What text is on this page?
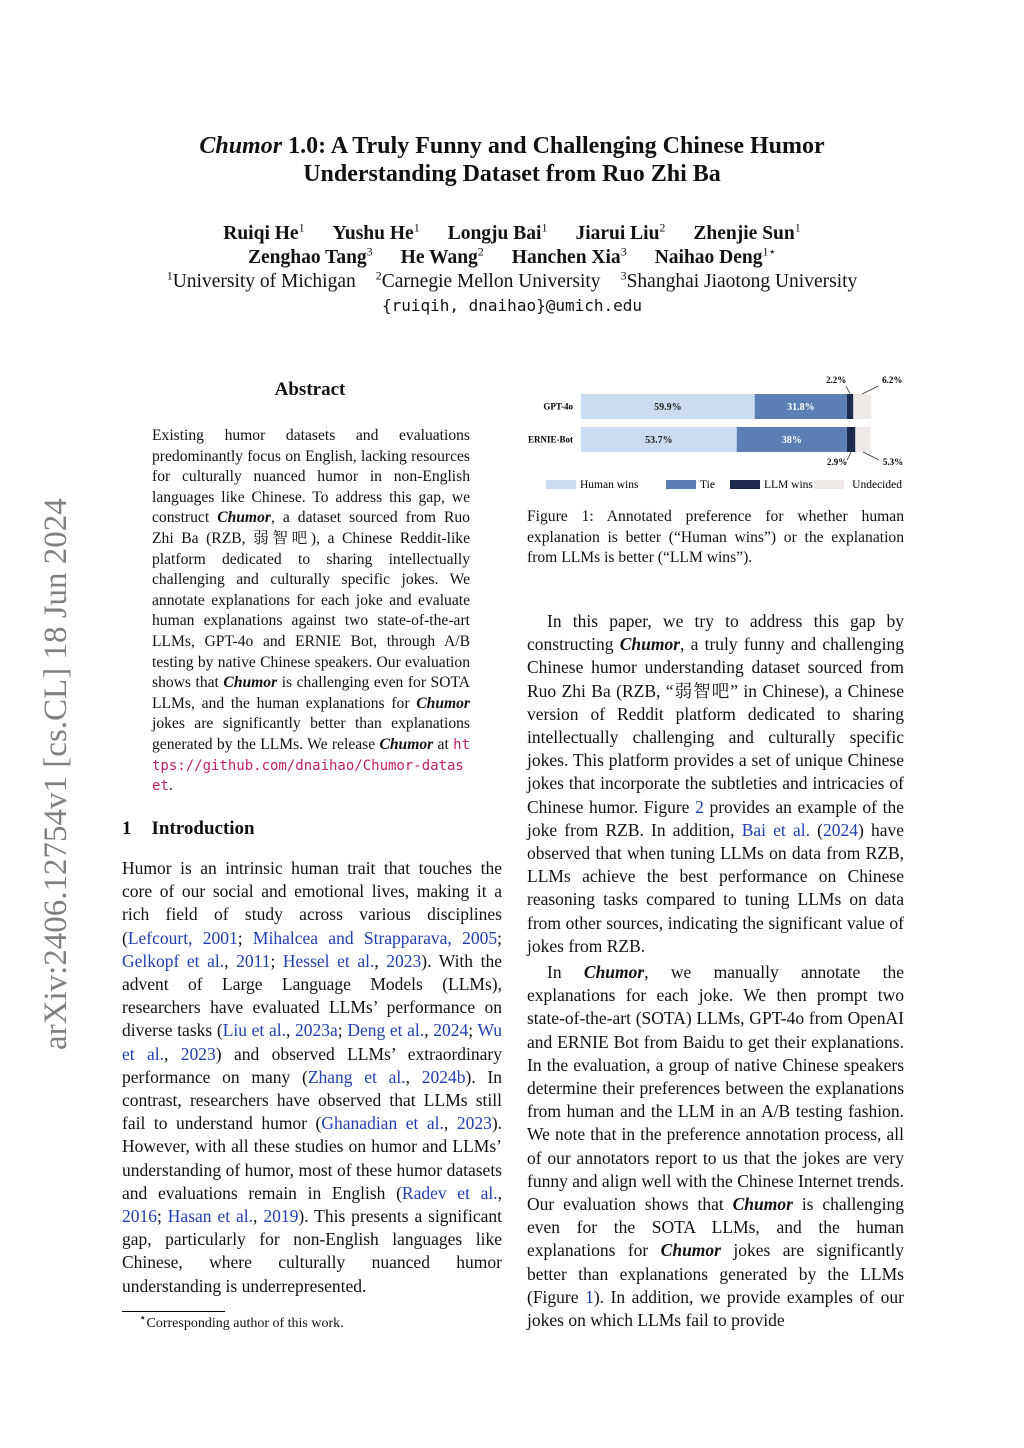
Chumor 1.0: A Truly Funny and Challenging Chinese Humor
Understanding Dataset from Ruo Zhi Ba
Ruiqi He$^1$ Yushu He$^1$ Longju Bai$^1$ Jiarui Liu$^2$ Zhenjie Sun$^1$
Zenghao Tang$^3$ He Wang$^2$ Hanchen Xia$^3$ Naihao Deng$^{1⋆}$
$^1$University of Michigan $^2$Carnegie Mellon University $^3$Shanghai Jiaotong University
{ruiqih, dnaihao}@umich.edu
arXiv:2406.12754v1 [cs.CL] 18 Jun 2024
Abstract

Existing humor datasets and evaluations predominantly focus on English, lacking resources for culturally nuanced humor in non-English languages like Chinese. To address this gap, we construct Chumor, a dataset sourced from Ruo Zhi Ba (RZB, 弱智吧), a Chinese Reddit-like platform dedicated to sharing intellectually challenging and culturally specific jokes. We annotate explanations for each joke and evaluate human explanations against two state-of-the-art LLMs, GPT-4o and ERNIE Bot, through A/B testing by native Chinese speakers. Our evaluation shows that Chumor is challenging even for SOTA LLMs, and the human explanations for Chumor jokes are significantly better than explanations generated by the LLMs. We release Chumor at https://github.com/dnaihao/Chumor-dataset.

1 Introduction

Humor is an intrinsic human trait that touches the core of our social and emotional lives, making it a rich field of study across various disciplines (Lefcourt, 2001; Mihalcea and Strapparava, 2005; Gelkopf et al., 2011; Hessel et al., 2023). With the advent of Large Language Models (LLMs), researchers have evaluated LLMs’ performance on diverse tasks (Liu et al., 2023a; Deng et al., 2024; Wu et al., 2023) and observed LLMs’ extraordinary performance on many (Zhang et al., 2024b). In contrast, researchers have observed that LLMs still fail to understand humor (Ghanadian et al., 2023). However, with all these studies on humor and LLMs’ understanding of humor, most of these humor datasets and evaluations remain in English (Radev et al., 2016; Hasan et al., 2019). This presents a significant gap, particularly for non-English languages like Chinese, where culturally nuanced humor understanding is underrepresented.

⋆Corresponding author of this work.
GPT-4o	59.9%	31.8%
2.2%	6.2%
ERNIE-Bot	53.7%	38%
2.9%	5.3%
Human wins	Tie	LLM wins	Undecided
Figure 1: Annotated preference for whether human explanation is better (“Human wins”) or the explanation from LLMs is better (“LLM wins”).

In this paper, we try to address this gap by constructing Chumor, a truly funny and challenging Chinese humor understanding dataset sourced from Ruo Zhi Ba (RZB, “弱智吧” in Chinese), a Chinese version of Reddit platform dedicated to sharing intellectually challenging and culturally specific jokes. This platform provides a set of unique Chinese jokes that incorporate the subtleties and intricacies of Chinese humor. Figure 2 provides an example of the joke from RZB. In addition, Bai et al. (2024) have observed that when tuning LLMs on data from RZB, LLMs achieve the best performance on Chinese reasoning tasks compared to tuning LLMs on data from other sources, indicating the significant value of jokes from RZB.

In Chumor, we manually annotate the explanations for each joke. We then prompt two state-of-the-art (SOTA) LLMs, GPT-4o from OpenAI and ERNIE Bot from Baidu to get their explanations. In the evaluation, a group of native Chinese speakers determine their preferences between the explanations from human and the LLM in an A/B testing fashion. We note that in the preference annotation process, all of our annotators report to us that the jokes are very funny and align well with the Chinese Internet trends. Our evaluation shows that Chumor is challenging even for the SOTA LLMs, and the human explanations for Chumor jokes are significantly better than explanations generated by the LLMs (Figure 1). In addition, we provide examples of our jokes on which LLMs fail to provide
